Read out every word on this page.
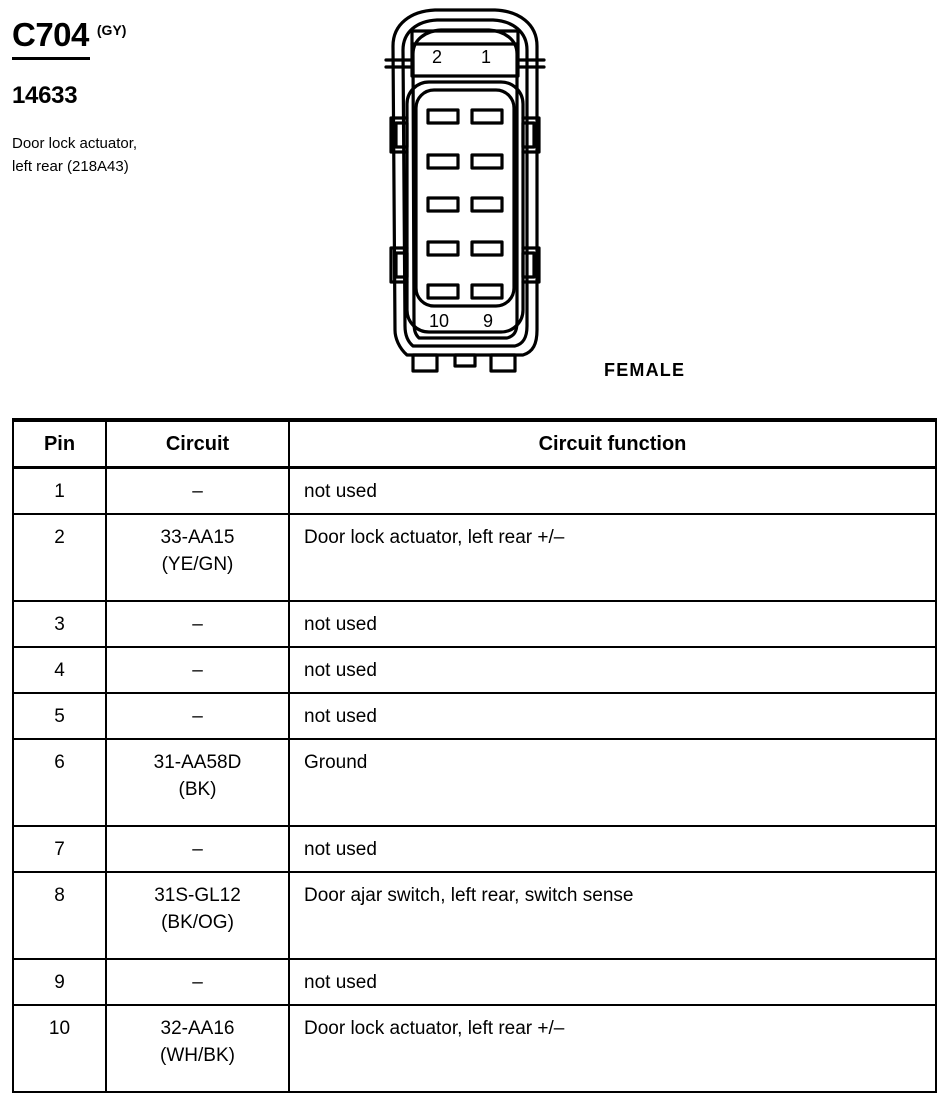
C704 (GY)
14633
Door lock actuator,
left rear (218A43)
2 1
10 9
FEMALE
Pin	Circuit	Circuit function

1	–	not used

2	33-AA15
(YE/GN)	Door lock actuator, left rear +/–

3	–	not used

4	–	not used

5	–	not used

6	31-AA58D
(BK)	Ground

7	–	not used

8	31S-GL12
(BK/OG)	Door ajar switch, left rear, switch sense

9	–	not used

10	32-AA16
(WH/BK)	Door lock actuator, left rear +/–
